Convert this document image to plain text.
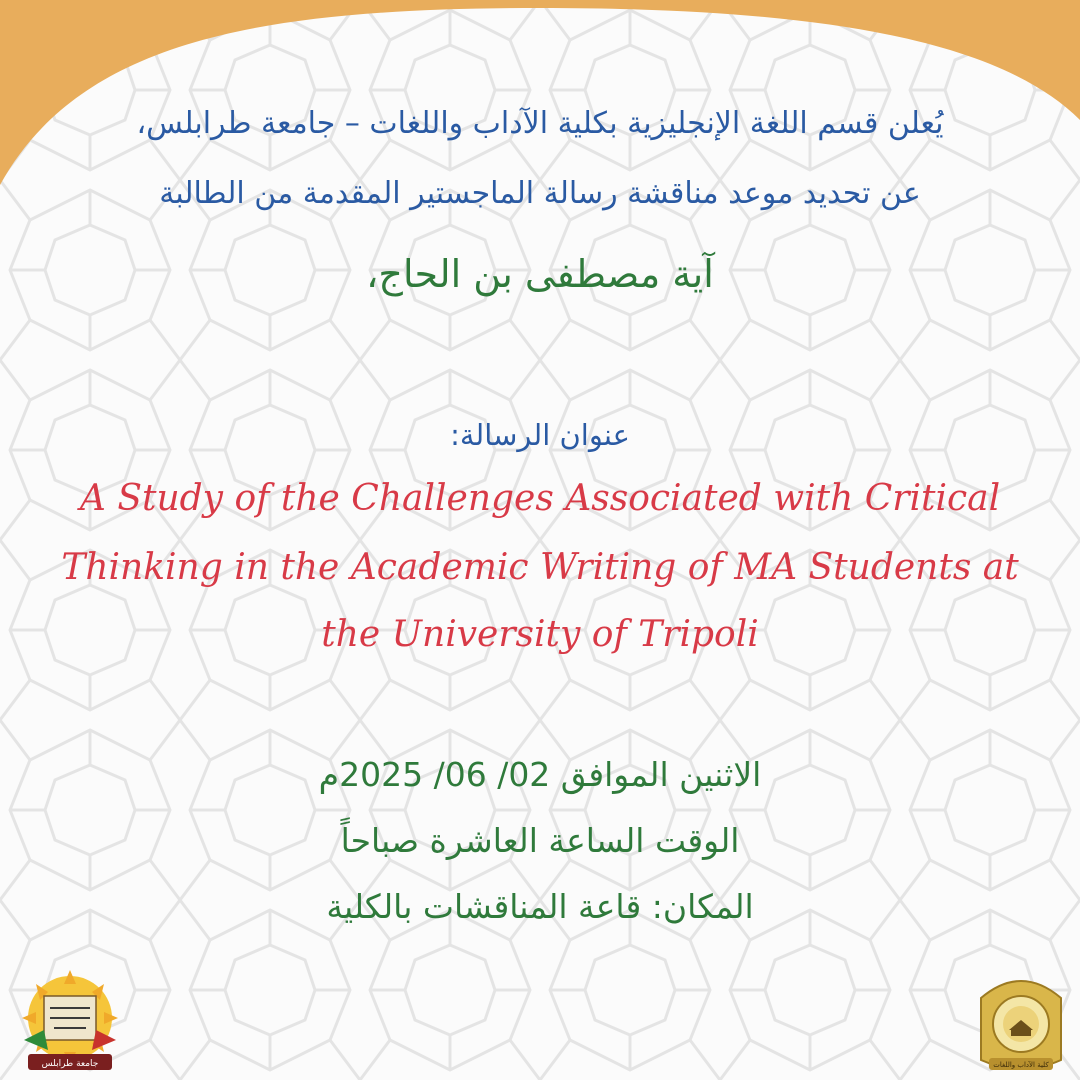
يُعلن قسم اللغة الإنجليزية بكلية الآداب واللغات – جامعة طرابلس،
عن تحديد موعد مناقشة رسالة الماجستير المقدمة من الطالبة
آية مصطفى بن الحاج،
عنوان الرسالة:
A Study of the Challenges Associated with Critical
Thinking in the Academic Writing of MA Students at
the University of Tripoli
الاثنين الموافق 02/ 06/ 2025م
الوقت الساعة العاشرة صباحاً
المكان: قاعة المناقشات بالكلية
جامعة طرابلس	كلية الآداب واللغات
